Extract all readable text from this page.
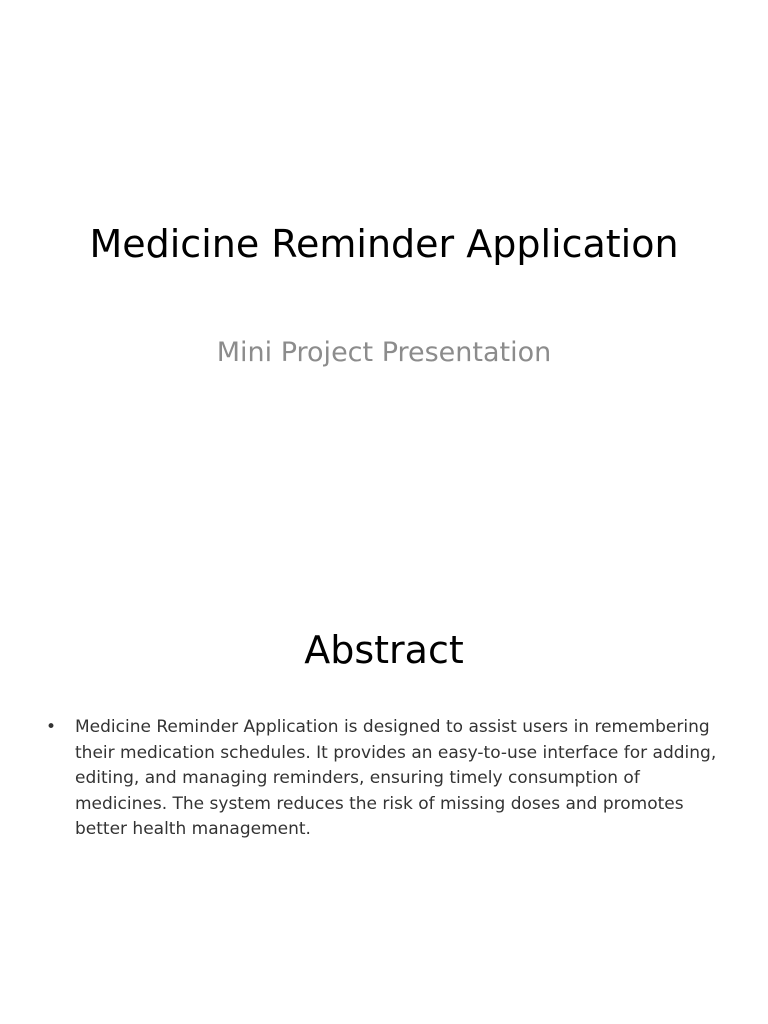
Medicine Reminder Application
Mini Project Presentation
Abstract
• Medicine Reminder Application is designed to assist users in remembering their medication schedules. It provides an easy-to-use interface for adding, editing, and managing reminders, ensuring timely consumption of medicines. The system reduces the risk of missing doses and promotes better health management.
